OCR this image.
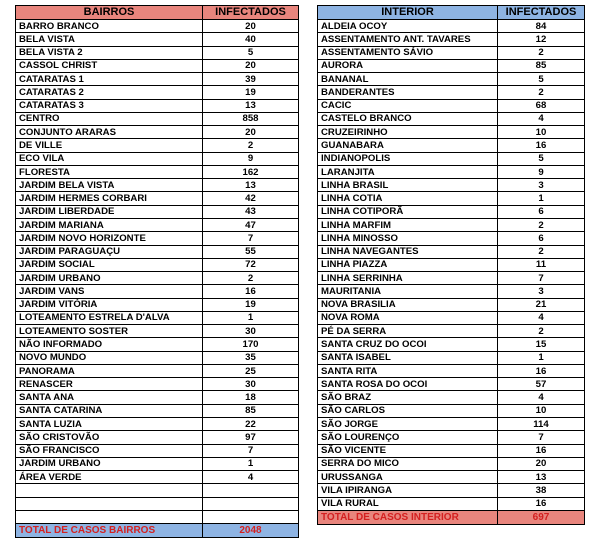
BAIRROS	INFECTADOS
BARRO BRANCO	20
BELA VISTA	40
BELA VISTA 2	5
CASSOL CHRIST	20
CATARATAS 1	39
CATARATAS 2	19
CATARATAS 3	13
CENTRO	858
CONJUNTO ARARAS	20
DE VILLE	2
ECO VILA	9
FLORESTA	162
JARDIM BELA VISTA	13
JARDIM HERMES CORBARI	42
JARDIM LIBERDADE	43
JARDIM MARIANA	47
JARDIM NOVO HORIZONTE	7
JARDIM PARAGUAÇU	55
JARDIM SOCIAL	72
JARDIM URBANO	2
JARDIM VANS	16
JARDIM VITÓRIA	19
LOTEAMENTO ESTRELA D'ALVA	1
LOTEAMENTO SOSTER	30
NÃO INFORMADO	170
NOVO MUNDO	35
PANORAMA	25
RENASCER	30
SANTA ANA	18
SANTA CATARINA	85
SANTA LUZIA	22
SÃO CRISTOVÃO	97
SÃO FRANCISCO	7
JARDIM URBANO	1
ÁREA VERDE	4

TOTAL DE CASOS BAIRROS	2048
INTERIOR	INFECTADOS
ALDEIA OCOY	84
ASSENTAMENTO ANT. TAVARES	12
ASSENTAMENTO SÁVIO	2
AURORA	85
BANANAL	5
BANDERANTES	2
CACIC	68
CASTELO BRANCO	4
CRUZEIRINHO	10
GUANABARA	16
INDIANOPOLIS	5
LARANJITA	9
LINHA BRASIL	3
LINHA COTIA	1
LINHA COTIPORÃ	6
LINHA MARFIM	2
LINHA MINOSSO	6
LINHA NAVEGANTES	2
LINHA PIAZZA	11
LINHA SERRINHA	7
MAURITANIA	3
NOVA BRASILIA	21
NOVA ROMA	4
PÉ DA SERRA	2
SANTA CRUZ DO OCOI	15
SANTA ISABEL	1
SANTA RITA	16
SANTA ROSA DO OCOI	57
SÃO BRAZ	4
SÃO CARLOS	10
SÃO JORGE	114
SÃO LOURENÇO	7
SÃO VICENTE	16
SERRA DO MICO	20
URUSSANGA	13
VILA IPIRANGA	38
VILA RURAL	16
TOTAL DE CASOS INTERIOR	697
